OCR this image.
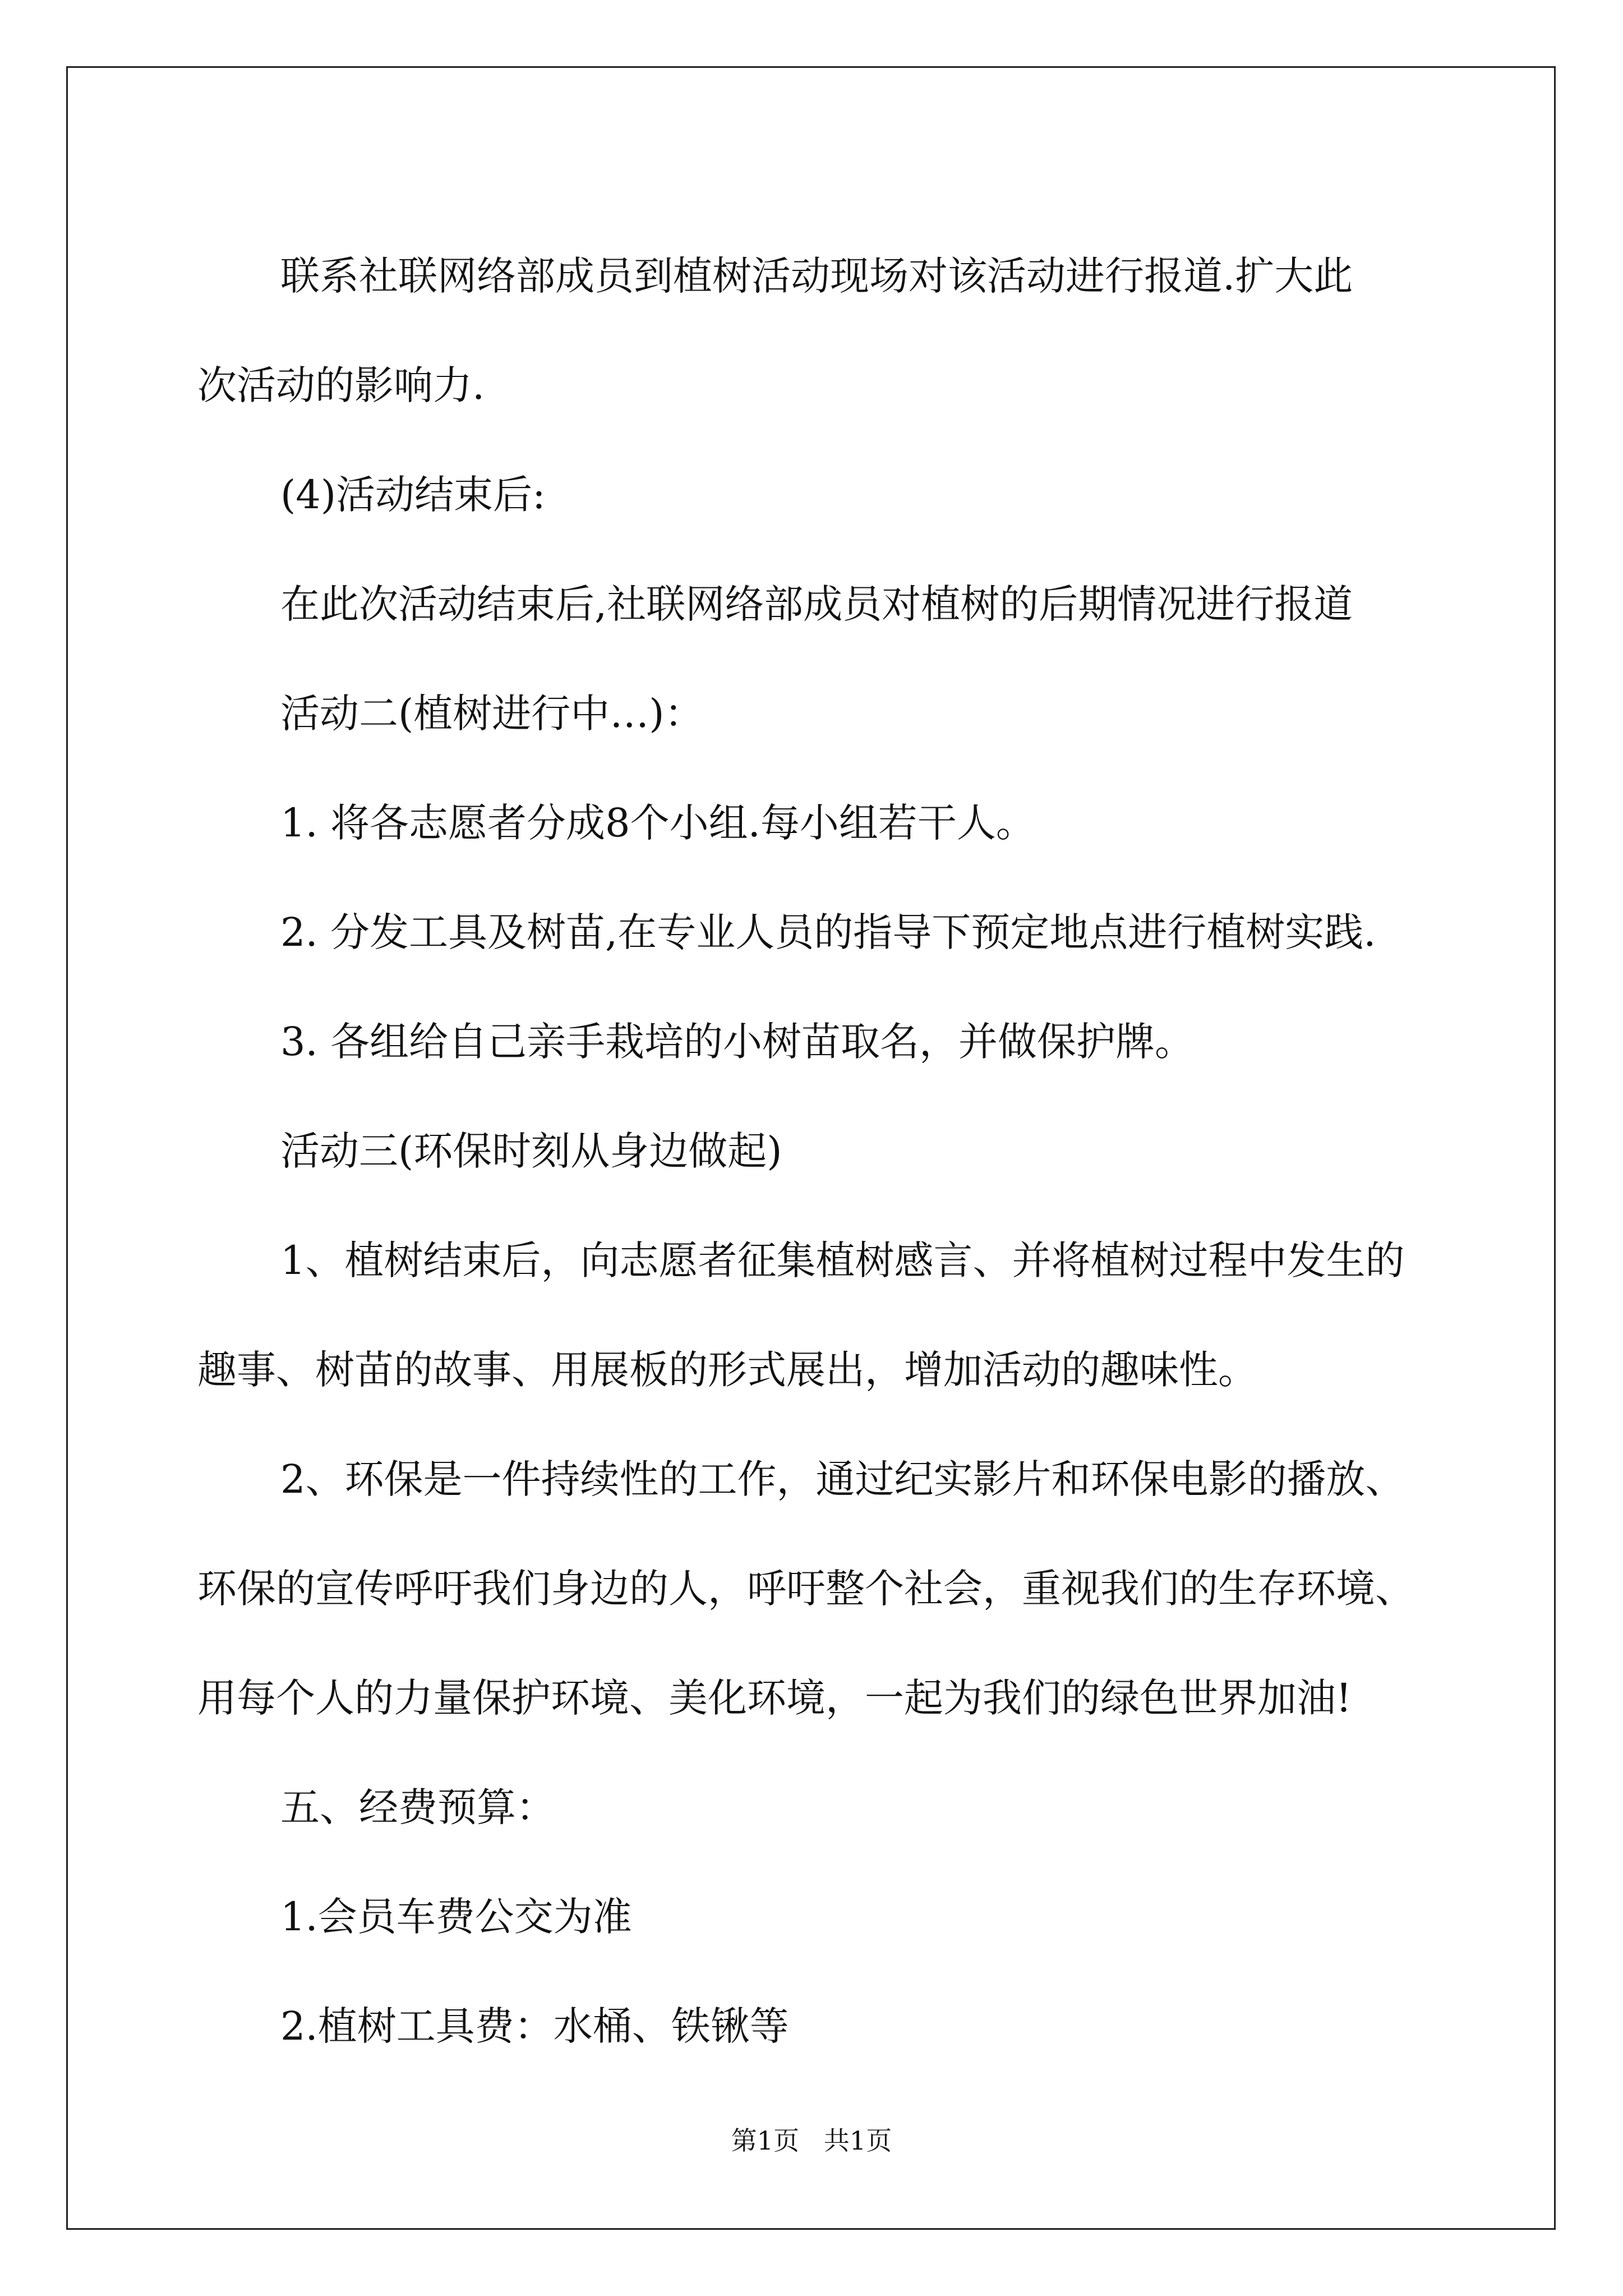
联系社联网络部成员到植树活动现场对该活动进行报道.扩大此

次活动的影响力.

(4)活动结束后:

在此次活动结束后,社联网络部成员对植树的后期情况进行报道

活动二(植树进行中…)：

1. 将各志愿者分成8个小组.每小组若干人。

2. 分发工具及树苗,在专业人员的指导下预定地点进行植树实践.

3. 各组给自己亲手栽培的小树苗取名，并做保护牌。

活动三(环保时刻从身边做起)

1、植树结束后，向志愿者征集植树感言、并将植树过程中发生的

趣事、树苗的故事、用展板的形式展出，增加活动的趣味性。

2、环保是一件持续性的工作，通过纪实影片和环保电影的播放、

环保的宣传呼吁我们身边的人，呼吁整个社会，重视我们的生存环境、

用每个人的力量保护环境、美化环境，一起为我们的绿色世界加油!

五、经费预算：

1.会员车费公交为准

2.植树工具费：水桶、铁锹等

第1页   共1页
